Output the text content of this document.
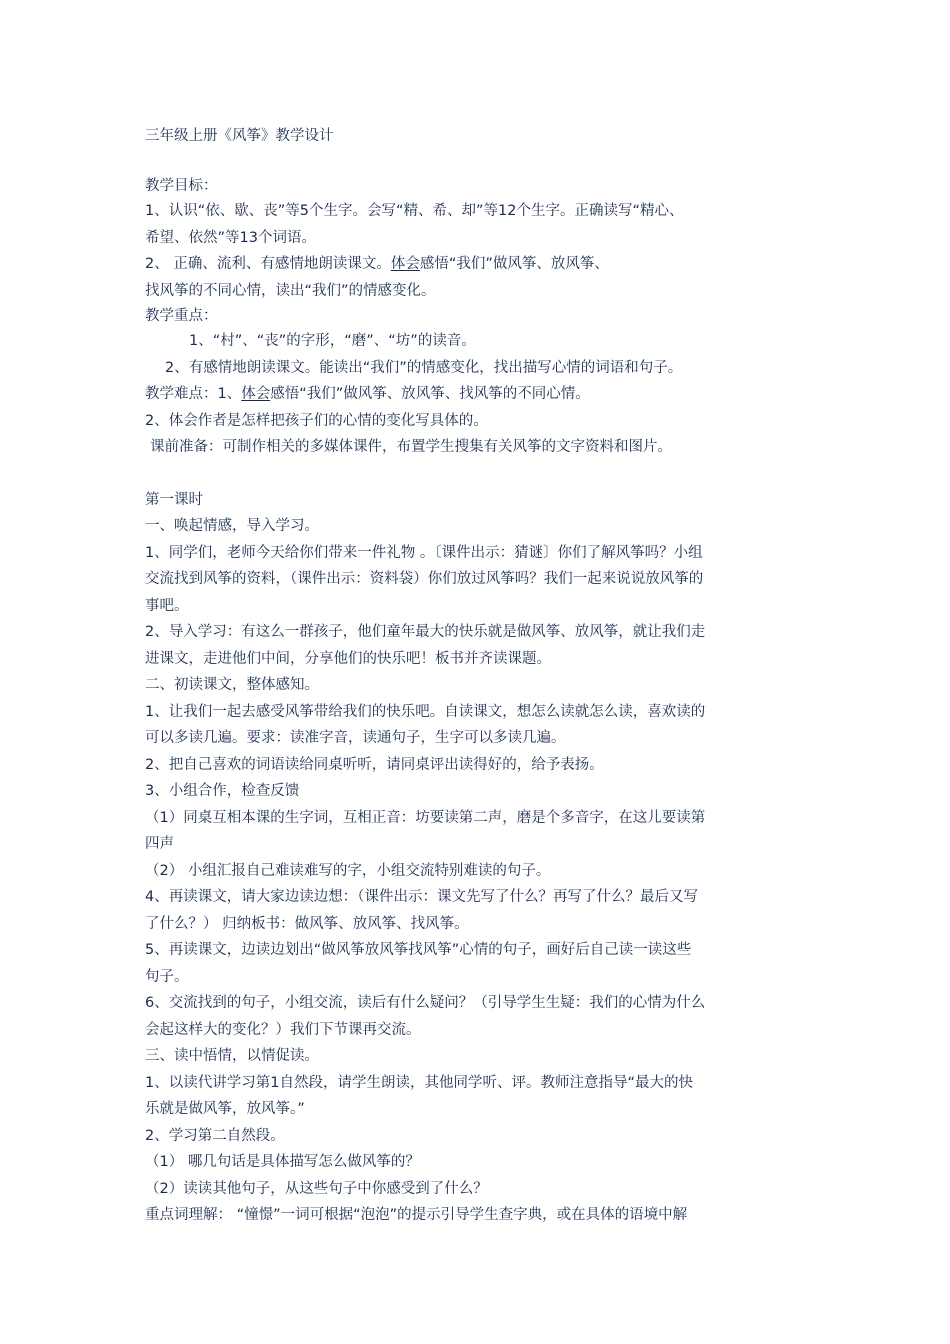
三年级上册《风筝》教学设计
教学目标：
1、认识“依、歇、丧”等5个生字。会写“精、希、却”等12个生字。正确读写“精心、
希望、依然”等13个词语。
2、 正确、流利、有感情地朗读课文。体会感悟“我们”做风筝、放风筝、
找风筝的不同心情，读出“我们”的情感变化。
教学重点：
1、“村”、“丧”的字形，“磨”、“坊”的读音。
2、有感情地朗读课文。能读出“我们”的情感变化，找出描写心情的词语和句子。
教学难点：1、体会感悟“我们”做风筝、放风筝、找风筝的不同心情。
2、体会作者是怎样把孩子们的心情的变化写具体的。
课前准备：可制作相关的多媒体课件，布置学生搜集有关风筝的文字资料和图片。
第一课时
一、唤起情感，导入学习。
1、同学们，老师今天给你们带来一件礼物 。〔课件出示：猜谜〕你们了解风筝吗？小组
交流找到风筝的资料，（课件出示：资料袋）你们放过风筝吗？我们一起来说说放风筝的
事吧。
2、导入学习：有这么一群孩子，他们童年最大的快乐就是做风筝、放风筝，就让我们走
进课文，走进他们中间，分享他们的快乐吧！板书并齐读课题。
二、初读课文，整体感知。
1、让我们一起去感受风筝带给我们的快乐吧。自读课文，想怎么读就怎么读，喜欢读的
可以多读几遍。要求：读准字音，读通句子，生字可以多读几遍。
2、把自己喜欢的词语读给同桌听听，请同桌评出读得好的，给予表扬。
3、小组合作，检查反馈
（1）同桌互相本课的生字词，互相正音：坊要读第二声，磨是个多音字，在这儿要读第
四声
（2） 小组汇报自己难读难写的字，小组交流特别难读的句子。
4、再读课文，请大家边读边想：（课件出示：课文先写了什么？再写了什么？最后又写
了什么？） 归纳板书：做风筝、放风筝、找风筝。
5、再读课文，边读边划出“做风筝放风筝找风筝”心情的句子，画好后自己读一读这些
句子。
6、交流找到的句子，小组交流，读后有什么疑问？（引导学生生疑：我们的心情为什么
会起这样大的变化？）我们下节课再交流。
三、读中悟情，以情促读。
1、以读代讲学习第1自然段，请学生朗读，其他同学听、评。教师注意指导“最大的快
乐就是做风筝，放风筝。”
2、学习第二自然段。
（1） 哪几句话是具体描写怎么做风筝的？
（2）读读其他句子，从这些句子中你感受到了什么？
重点词理解： “憧憬”一词可根据“泡泡”的提示引导学生查字典，或在具体的语境中解
